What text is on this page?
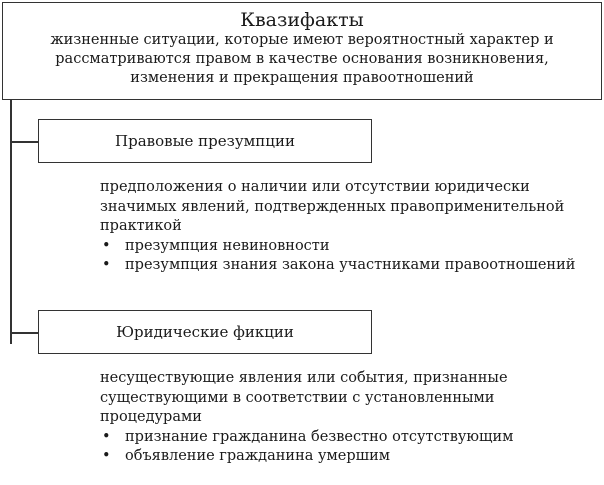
Квазифакты
жизненные ситуации, которые имеют вероятностный характер и
рассматриваются правом в качестве основания возникновения,
изменения и прекращения правоотношений
Правовые презумпции
предположения о наличии или отсутствии юридически
значимых явлений, подтвержденных правоприменительной
практикой
• презумпция невиновности
• презумпция знания закона участниками правоотношений
Юридические фикции
несуществующие явления или события, признанные
существующими в соответствии с установленными
процедурами
• признание гражданина безвестно отсутствующим
• объявление гражданина умершим
